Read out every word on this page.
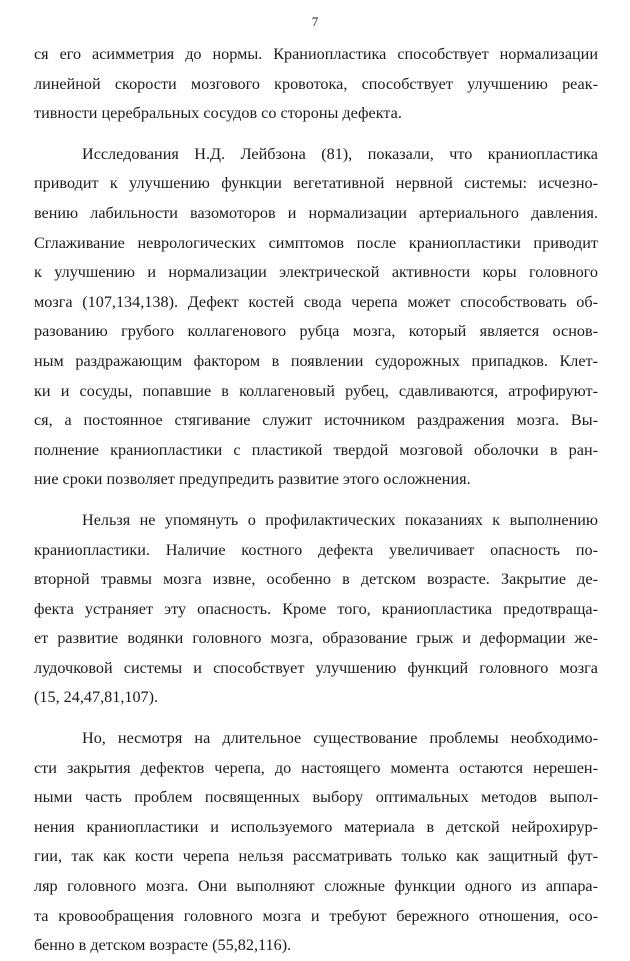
7
ся его асимметрия до нормы. Краниопластика способствует нормализации
линейной скорости мозгового кровотока, способствует улучшению реак-
тивности церебральных сосудов со стороны дефекта.
Исследования Н.Д. Лейбзона (81), показали, что краниопластика
приводит к улучшению функции вегетативной нервной системы: исчезно-
вению лабильности вазомоторов и нормализации артериального давления.
Сглаживание неврологических симптомов после краниопластики приводит
к улучшению и нормализации электрической активности коры головного
мозга (107,134,138). Дефект костей свода черепа может способствовать об-
разованию грубого коллагенового рубца мозга, который является основ-
ным раздражающим фактором в появлении судорожных припадков. Клет-
ки и сосуды, попавшие в коллагеновый рубец, сдавливаются, атрофируют-
ся, а постоянное стягивание служит источником раздражения мозга. Вы-
полнение краниопластики с пластикой твердой мозговой оболочки в ран-
ние сроки позволяет предупредить развитие этого осложнения.
Нельзя не упомянуть о профилактических показаниях к выполнению
краниопластики. Наличие костного дефекта увеличивает опасность по-
вторной травмы мозга извне, особенно в детском возрасте. Закрытие де-
фекта устраняет эту опасность. Кроме того, краниопластика предотвраща-
ет развитие водянки головного мозга, образование грыж и деформации же-
лудочковой системы и способствует улучшению функций головного мозга
(15, 24,47,81,107).
Но, несмотря на длительное существование проблемы необходимо-
сти закрытия дефектов черепа, до настоящего момента остаются нерешен-
ными часть проблем посвященных выбору оптимальных методов выпол-
нения краниопластики и используемого материала в детской нейрохирур-
гии, так как кости черепа нельзя рассматривать только как защитный фут-
ляр головного мозга. Они выполняют сложные функции одного из аппара-
та кровообращения головного мозга и требуют бережного отношения, осо-
бенно в детском возрасте (55,82,116).
